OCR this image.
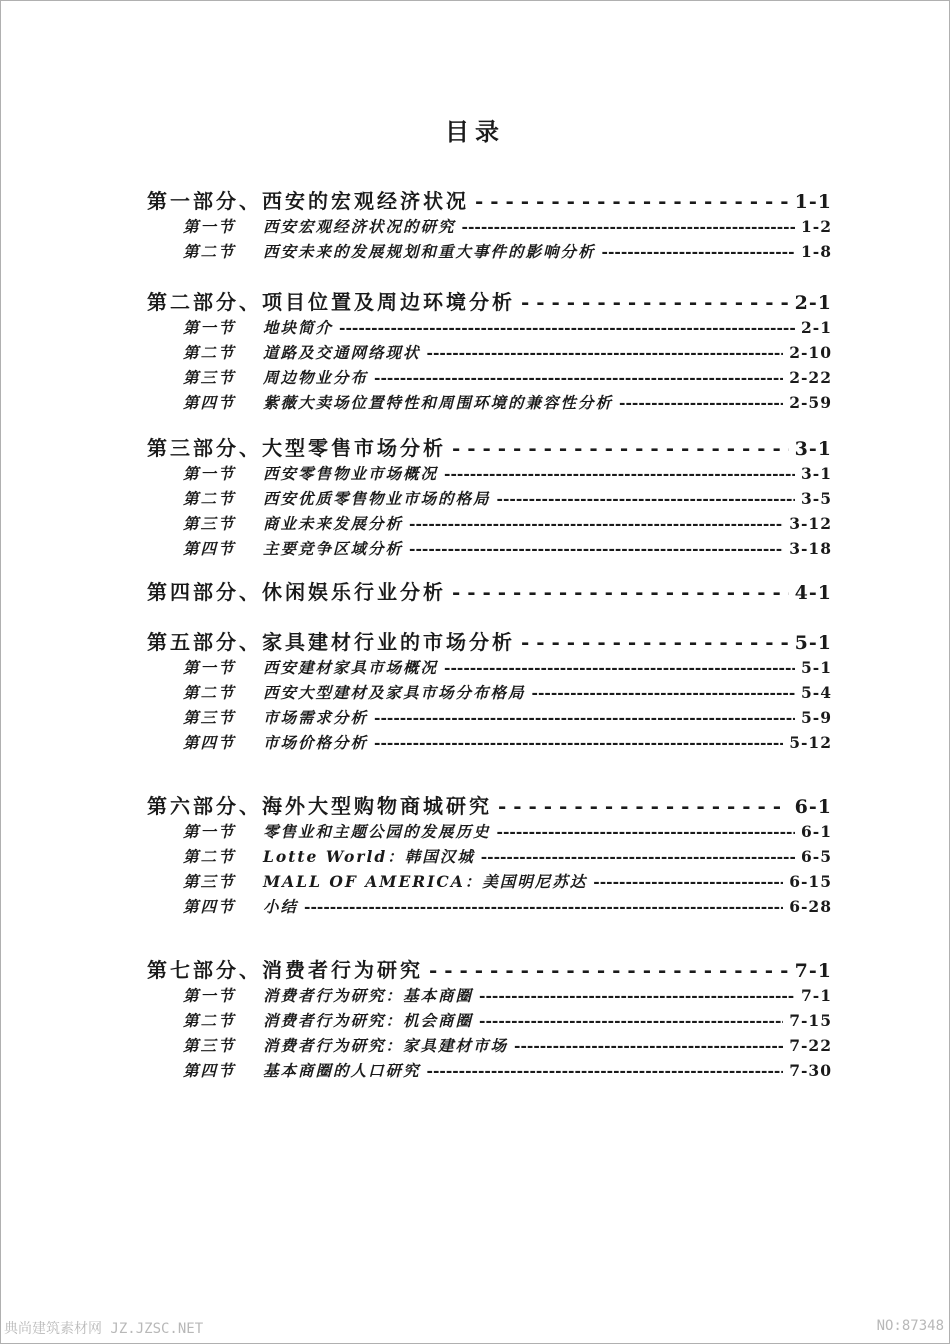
目录
第一部分、西安的宏观经济状况 - - -	1-1
第一节	西安宏观经济状况的研究 -----	1-2
第二节	西安未来的发展规划和重大事件的影响分析 -----	1-8
第二部分、项目位置及周边环境分析 - - -	2-1
第一节	地块简介 -----	2-1
第二节	道路及交通网络现状 -----	2-10
第三节	周边物业分布 -----	2-22
第四节	紫薇大卖场位置特性和周围环境的兼容性分析 -----	2-59
第三部分、大型零售市场分析 - - -	3-1
第一节	西安零售物业市场概况 -----	3-1
第二节	西安优质零售物业市场的格局 -----	3-5
第三节	商业未来发展分析 -----	3-12
第四节	主要竞争区域分析 -----	3-18
第四部分、休闲娱乐行业分析 - - -	4-1
第五部分、家具建材行业的市场分析 - - -	5-1
第一节	西安建材家具市场概况 -----	5-1
第二节	西安大型建材及家具市场分布格局 -----	5-4
第三节	市场需求分析 -----	5-9
第四节	市场价格分析 -----	5-12
第六部分、海外大型购物商城研究 - - -	6-1
第一节	零售业和主题公园的发展历史 -----	6-1
第二节	Lotte World：韩国汉城 -----	6-5
第三节	MALL OF AMERICA：美国明尼苏达 -----	6-15
第四节	小结 -----	6-28
第七部分、消费者行为研究 - - -	7-1
第一节	消费者行为研究：基本商圈 -----	7-1
第二节	消费者行为研究：机会商圈 -----	7-15
第三节	消费者行为研究：家具建材市场 -----	7-22
第四节	基本商圈的人口研究 -----	7-30
典尚建筑素材网 JZ.JZSC.NET	NO:87348
